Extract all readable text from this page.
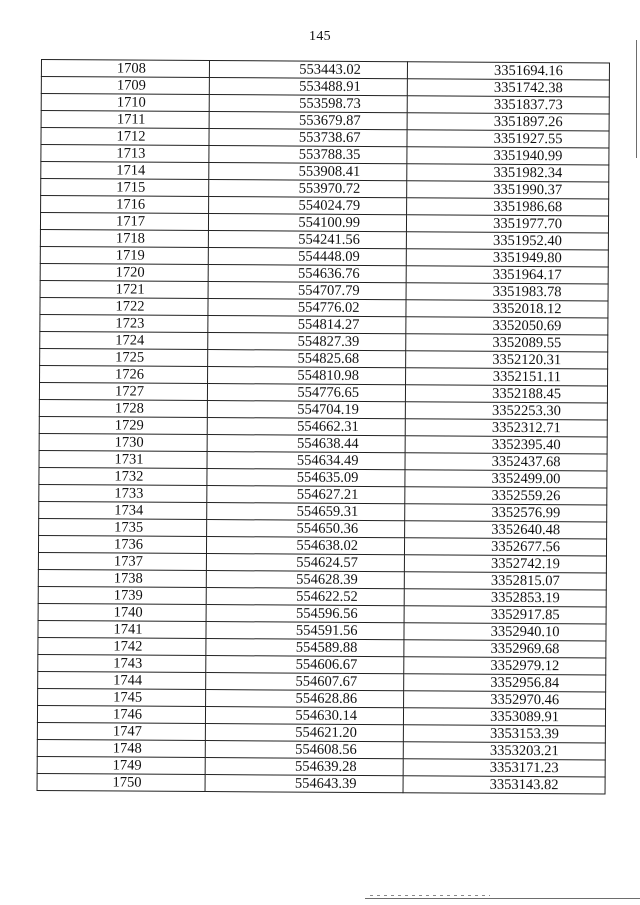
145
1708	553443.02	3351694.16
1709	553488.91	3351742.38
1710	553598.73	3351837.73
1711	553679.87	3351897.26
1712	553738.67	3351927.55
1713	553788.35	3351940.99
1714	553908.41	3351982.34
1715	553970.72	3351990.37
1716	554024.79	3351986.68
1717	554100.99	3351977.70
1718	554241.56	3351952.40
1719	554448.09	3351949.80
1720	554636.76	3351964.17
1721	554707.79	3351983.78
1722	554776.02	3352018.12
1723	554814.27	3352050.69
1724	554827.39	3352089.55
1725	554825.68	3352120.31
1726	554810.98	3352151.11
1727	554776.65	3352188.45
1728	554704.19	3352253.30
1729	554662.31	3352312.71
1730	554638.44	3352395.40
1731	554634.49	3352437.68
1732	554635.09	3352499.00
1733	554627.21	3352559.26
1734	554659.31	3352576.99
1735	554650.36	3352640.48
1736	554638.02	3352677.56
1737	554624.57	3352742.19
1738	554628.39	3352815.07
1739	554622.52	3352853.19
1740	554596.56	3352917.85
1741	554591.56	3352940.10
1742	554589.88	3352969.68
1743	554606.67	3352979.12
1744	554607.67	3352956.84
1745	554628.86	3352970.46
1746	554630.14	3353089.91
1747	554621.20	3353153.39
1748	554608.56	3353203.21
1749	554639.28	3353171.23
1750	554643.39	3353143.82
